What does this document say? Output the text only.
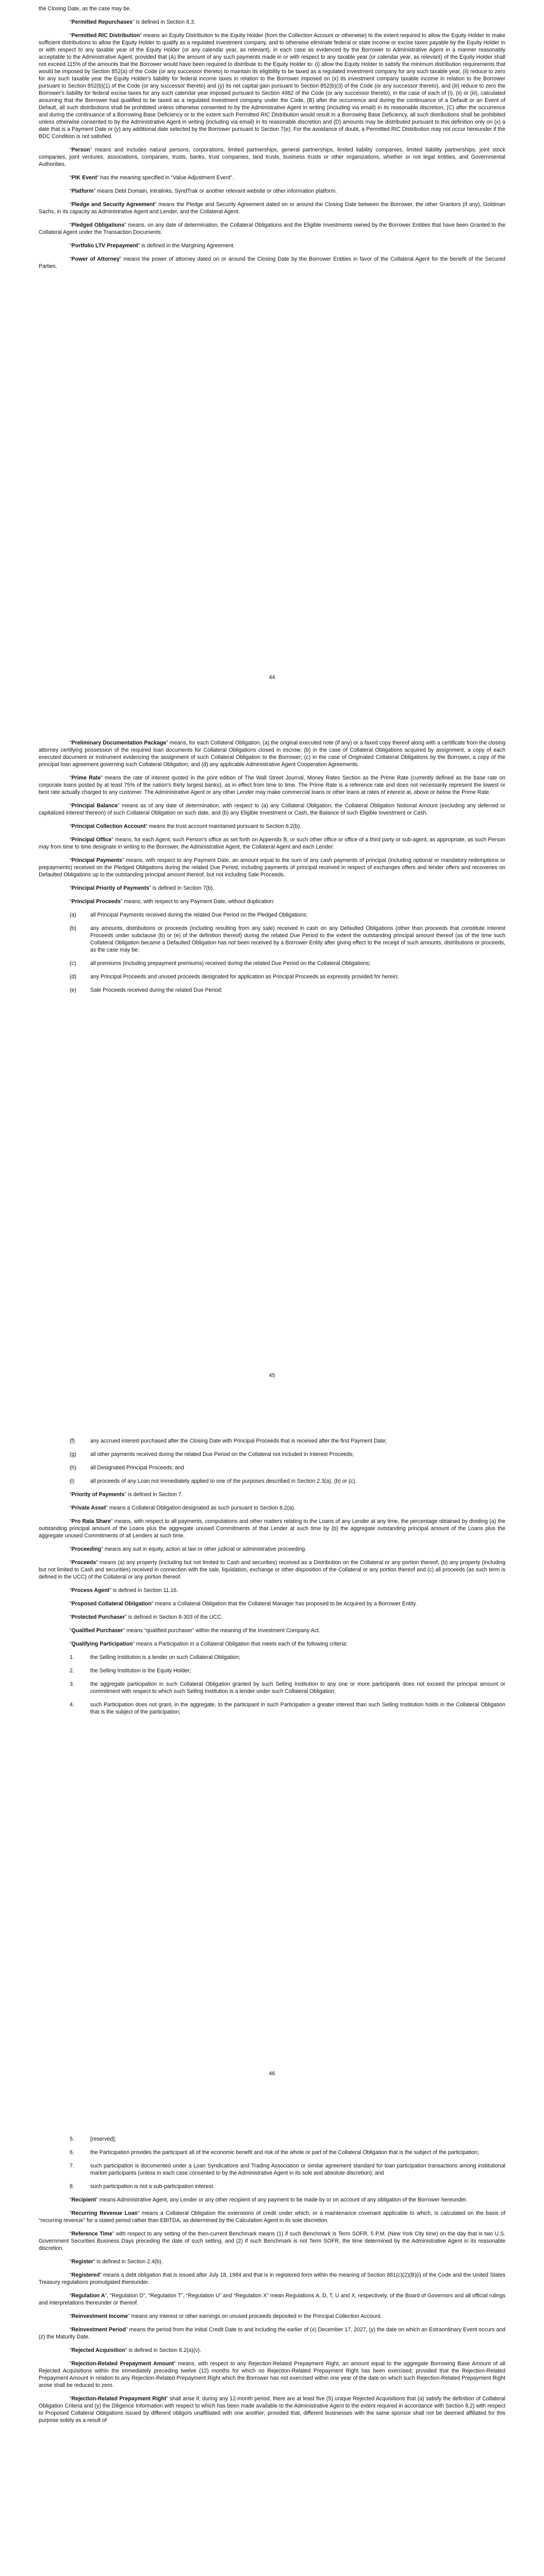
the Closing Date, as the case may be.

“Permitted Repurchases” is defined in Section 8.3.

“Permitted RIC Distribution” means an Equity Distribution to the Equity Holder (from the Collection Account or otherwise) to the extent required to allow the Equity Holder to make sufficient distributions to allow the Equity Holder to qualify as a regulated investment company, and to otherwise eliminate federal or state income or excise taxes payable by the Equity Holder in or with respect to any taxable year of the Equity Holder (or any calendar year, as relevant), in each case as evidenced by the Borrower to Administrative Agent in a manner reasonably acceptable to the Administrative Agent; provided that (A) the amount of any such payments made in or with respect to any taxable year (or calendar year, as relevant) of the Equity Holder shall not exceed 115% of the amounts that the Borrower would have been required to distribute to the Equity Holder to: (i) allow the Equity Holder to satisfy the minimum distribution requirements that would be imposed by Section 852(a) of the Code (or any successor thereto) to maintain its eligibility to be taxed as a regulated investment company for any such taxable year, (ii) reduce to zero for any such taxable year the Equity Holder's liability for federal income taxes in relation to the Borrower imposed on (x) its investment company taxable income in relation to the Borrower pursuant to Section 852(b)(1) of the Code (or any successor thereto) and (y) its net capital gain pursuant to Section 852(b)(3) of the Code (or any successor thereto), and (iii) reduce to zero the Borrower's liability for federal excise taxes for any such calendar year imposed pursuant to Section 4982 of the Code (or any successor thereto), in the case of each of (i), (ii) or (iii), calculated assuming that the Borrower had qualified to be taxed as a regulated investment company under the Code, (B) after the occurrence and during the continuance of a Default or an Event of Default, all such distributions shall be prohibited unless otherwise consented to by the Administrative Agent in writing (including via email) in its reasonable discretion, (C) after the occurrence and during the continuance of a Borrowing Base Deficiency or to the extent such Permitted RIC Distribution would result in a Borrowing Base Deficiency, all such distributions shall be prohibited unless otherwise consented to by the Administrative Agent in writing (including via email) in its reasonable discretion and (D) amounts may be distributed pursuant to this definition only on (x) a date that is a Payment Date or (y) any additional date selected by the Borrower pursuant to Section 7(e). For the avoidance of doubt, a Permitted RIC Distribution may not occur hereunder if the BDC Condition is not satisfied.

“Person” means and includes natural persons, corporations, limited partnerships, general partnerships, limited liability companies, limited liability partnerships, joint stock companies, joint ventures, associations, companies, trusts, banks, trust companies, land trusts, business trusts or other organizations, whether or not legal entities, and Governmental Authorities.

“PIK Event” has the meaning specified in “Value Adjustment Event”.

“Platform” means Debt Domain, Intralinks, SyndTrak or another relevant website or other information platform.

“Pledge and Security Agreement” means the Pledge and Security Agreement dated on or around the Closing Date between the Borrower, the other Grantors (if any), Goldman Sachs, in its capacity as Administrative Agent and Lender, and the Collateral Agent.

“Pledged Obligations” means, on any date of determination, the Collateral Obligations and the Eligible Investments owned by the Borrower Entities that have been Granted to the Collateral Agent under the Transaction Documents.

“Portfolio LTV Prepayment” is defined in the Margining Agreement.

“Power of Attorney” means the power of attorney dated on or around the Closing Date by the Borrower Entities in favor of the Collateral Agent for the benefit of the Secured Parties.

44

“Preliminary Documentation Package” means, for each Collateral Obligation, (a) the original executed note (if any) or a faxed copy thereof along with a certificate from the closing attorney certifying possession of the required loan documents for Collateral Obligations closed in escrow; (b) in the case of Collateral Obligations acquired by assignment, a copy of each executed document or instrument evidencing the assignment of such Collateral Obligation to the Borrower; (c) in the case of Originated Collateral Obligations by the Borrower, a copy of the principal loan agreement governing such Collateral Obligation; and (d) any applicable Administrative Agent Cooperation Agreements.

“Prime Rate” means the rate of interest quoted in the print edition of The Wall Street Journal, Money Rates Section as the Prime Rate (currently defined as the base rate on corporate loans posted by at least 75% of the nation's thirty largest banks), as in effect from time to time. The Prime Rate is a reference rate and does not necessarily represent the lowest or best rate actually charged to any customer. The Administrative Agent or any other Lender may make commercial loans or other loans at rates of interest at, above or below the Prime Rate.

“Principal Balance” means as of any date of determination, with respect to (a) any Collateral Obligation, the Collateral Obligation Notional Amount (excluding any deferred or capitalized interest thereon) of such Collateral Obligation on such date, and (b) any Eligible Investment or Cash, the Balance of such Eligible Investment or Cash.

“Principal Collection Account” means the trust account maintained pursuant to Section 6.2(b).

“Principal Office” means, for each Agent, such Person's office as set forth on Appendix B, or such other office or office of a third party or sub-agent, as appropriate, as such Person may from time to time designate in writing to the Borrower, the Administrative Agent, the Collateral Agent and each Lender.

“Principal Payments” means, with respect to any Payment Date, an amount equal to the sum of any cash payments of principal (including optional or mandatory redemptions or prepayments) received on the Pledged Obligations during the related Due Period, including payments of principal received in respect of exchanges offers and tender offers and recoveries on Defaulted Obligations up to the outstanding principal amount thereof, but not including Sale Proceeds.

“Principal Priority of Payments” is defined in Section 7(b).

“Principal Proceeds” means, with respect to any Payment Date, without duplication:

(a)	all Principal Payments received during the related Due Period on the Pledged Obligations;
(b)	any amounts, distributions or proceeds (including resulting from any sale) received in cash on any Defaulted Obligations (other than proceeds that constitute Interest Proceeds under subclause (b) or (e) of the definition thereof) during the related Due Period to the extent the outstanding principal amount thereof (as of the time such Collateral Obligation became a Defaulted Obligation has not been received by a Borrower Entity after giving effect to the receipt of such amounts, distributions or proceeds, as the case may be;
(c)	all premiums (including prepayment premiums) received during the related Due Period on the Collateral Obligations;
(d)	any Principal Proceeds and unused proceeds designated for application as Principal Proceeds as expressly provided for herein;
(e)	Sale Proceeds received during the related Due Period;
45
(f)	any accrued interest purchased after the Closing Date with Principal Proceeds that is received after the first Payment Date;
(g)	all other payments received during the related Due Period on the Collateral not included in Interest Proceeds;
(h)	all Designated Principal Proceeds; and
(i)	all proceeds of any Loan not immediately applied to one of the purposes described in Section 2.3(a), (b) or (c).

“Priority of Payments” is defined in Section 7.

“Private Asset” means a Collateral Obligation designated as such pursuant to Section 8.2(a).

“Pro Rata Share” means, with respect to all payments, computations and other matters relating to the Loans of any Lender at any time, the percentage obtained by dividing (a) the outstanding principal amount of the Loans plus the aggregate unused Commitments of that Lender at such time by (b) the aggregate outstanding principal amount of the Loans plus the aggregate unused Commitments of all Lenders at such time.

“Proceeding” means any suit in equity, action at law or other judicial or administrative proceeding.

“Proceeds” means (a) any property (including but not limited to Cash and securities) received as a Distribution on the Collateral or any portion thereof, (b) any property (including but not limited to Cash and securities) received in connection with the sale, liquidation, exchange or other disposition of the Collateral or any portion thereof and (c) all proceeds (as such term is defined in the UCC) of the Collateral or any portion thereof.

“Process Agent” is defined in Section 11.16.

“Proposed Collateral Obligation” means a Collateral Obligation that the Collateral Manager has proposed to be Acquired by a Borrower Entity.

“Protected Purchaser” is defined in Section 8-303 of the UCC.

“Qualified Purchaser” means “qualified purchaser” within the meaning of the Investment Company Act.

“Qualifying Participation” means a Participation in a Collateral Obligation that meets each of the following criteria:

1.	the Selling Institution is a lender on such Collateral Obligation;
2.	the Selling Institution is the Equity Holder;
3.	the aggregate participation in such Collateral Obligation granted by such Selling Institution to any one or more participants does not exceed the principal amount or commitment with respect to which such Selling Institution is a lender under such Collateral Obligation;
4.	such Participation does not grant, in the aggregate, to the participant in such Participation a greater interest than such Selling Institution holds in the Collateral Obligation that is the subject of the participation;
46
5.	[reserved];
6.	the Participation provides the participant all of the economic benefit and risk of the whole or part of the Collateral Obligation that is the subject of the participation;
7.	such participation is documented under a Loan Syndications and Trading Association or similar agreement standard for loan participation transactions among institutional market participants (unless in each case consented to by the Administrative Agent in its sole and absolute discretion); and
8.	such participation is not a sub-participation interest.

“Recipient” means Administrative Agent, any Lender or any other recipient of any payment to be made by or on account of any obligation of the Borrower hereunder.

“Recurring Revenue Loan” means a Collateral Obligation the extensions of credit under which, or a maintenance covenant applicable to which, is calculated on the basis of “recurring revenue” for a stated period rather than EBITDA, as determined by the Calculation Agent in its sole discretion.

“Reference Time” with respect to any setting of the then-current Benchmark means (1) if such Benchmark is Term SOFR, 5 P.M. (New York City time) on the day that is two U.S. Government Securities Business Days preceding the date of such setting, and (2) if such Benchmark is not Term SOFR, the time determined by the Administrative Agent in its reasonable discretion.

“Register” is defined in Section 2.4(b).

“Registered” means a debt obligation that is issued after July 18, 1984 and that is in registered form within the meaning of Section 881(c)(2)(B)(i) of the Code and the United States Treasury regulations promulgated thereunder.

“Regulation A”, “Regulation D”, “Regulation T”, “Regulation U” and “Regulation X” mean Regulations A, D, T, U and X, respectively, of the Board of Governors and all official rulings and interpretations thereunder or thereof.

“Reinvestment Income” means any interest or other earnings on unused proceeds deposited in the Principal Collection Account.

“Reinvestment Period” means the period from the Initial Credit Date to and including the earlier of (x) December 17, 2027, (y) the date on which an Extraordinary Event occurs and (z) the Maturity Date.

“Rejected Acquisition” is defined in Section 8.2(a)(v).

“Rejection-Related Prepayment Amount” means, with respect to any Rejection-Related Prepayment Right, an amount equal to the aggregate Borrowing Base Amount of all Rejected Acquisitions within the immediately preceding twelve (12) months for which no Rejection-Related Prepayment Right has been exercised; provided that the Rejection-Related Prepayment Amount in relation to any Rejection-Related Prepayment Right which the Borrower has not exercised within one year of the date on which such Rejection-Related Prepayment Right arose shall be reduced to zero.

“Rejection-Related Prepayment Right” shall arise if, during any 12-month period, there are at least five (5) unique Rejected Acquisitions that (a) satisfy the definition of Collateral Obligation Criteria and (y) the Diligence Information with respect to which has been made available to the Administrative Agent to the extent required in accordance with Section 8.2) with respect to Proposed Collateral Obligations issued by different obligors unaffiliated with one another; provided that, different businesses with the same sponsor shall not be deemed affiliated for this purpose solely as a result of
